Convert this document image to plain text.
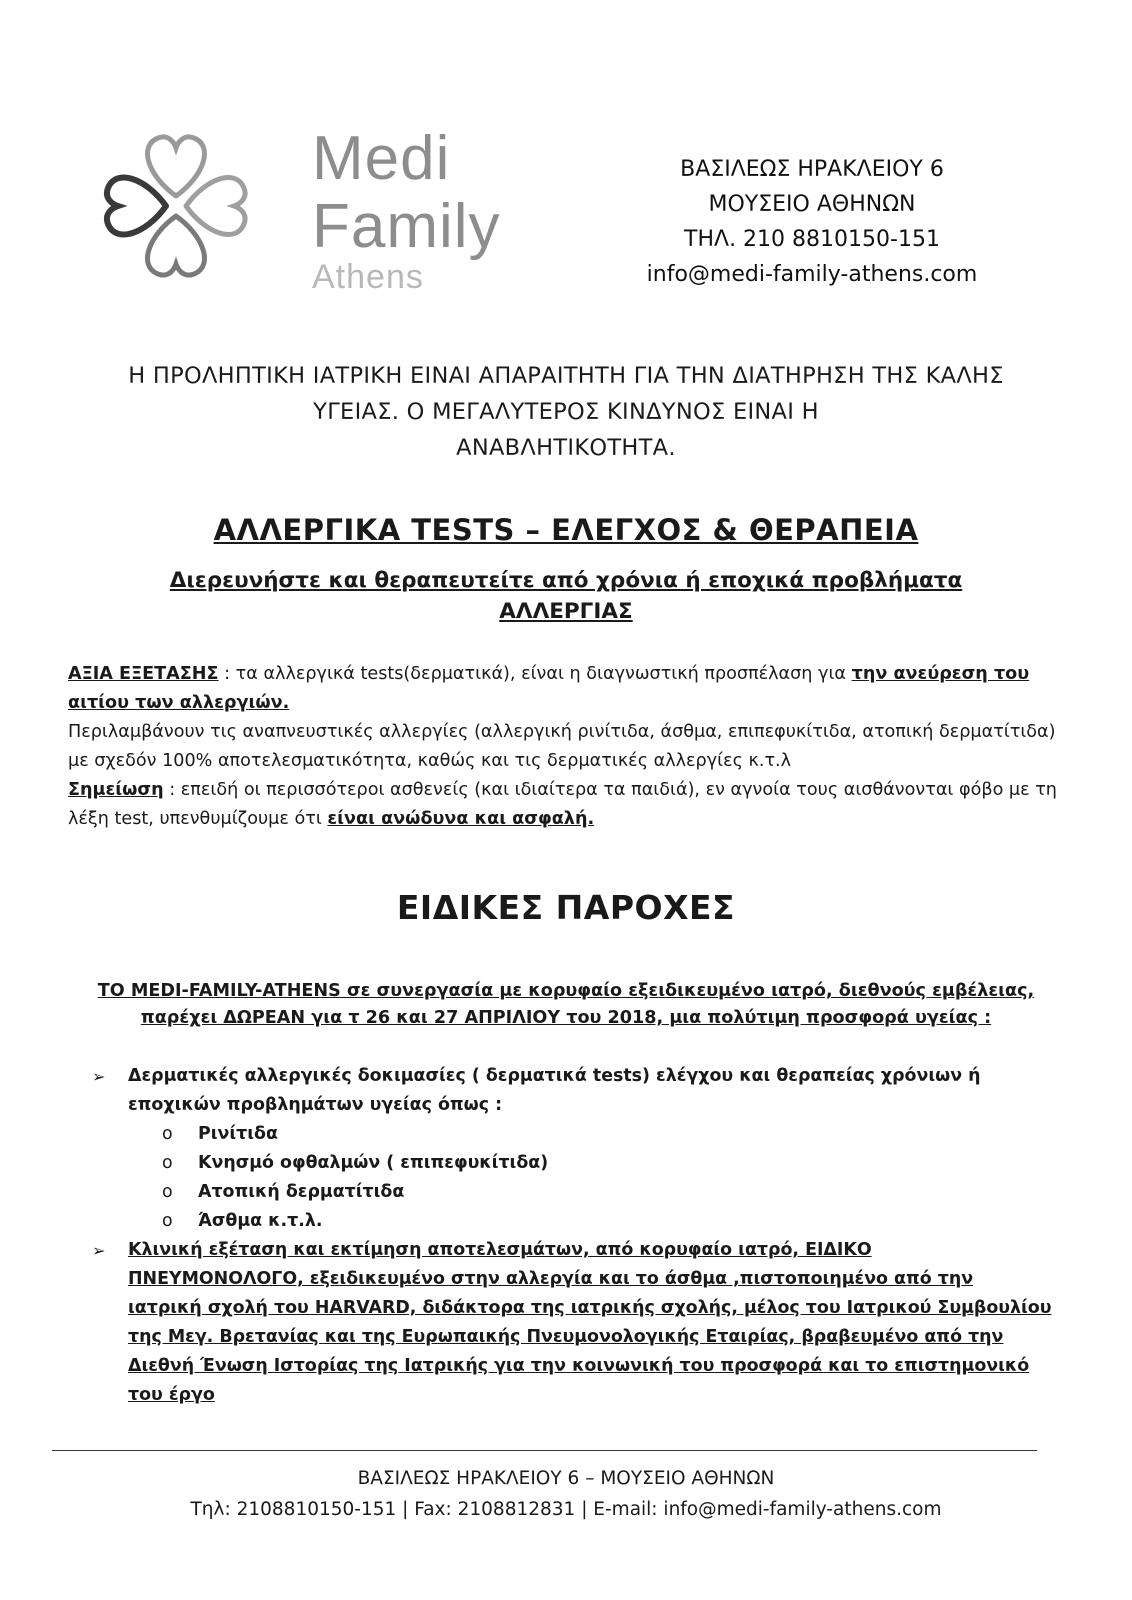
Medi
Family
Athens
ΒΑΣΙΛΕΩΣ ΗΡΑΚΛΕΙΟΥ 6
ΜΟΥΣΕΙΟ ΑΘΗΝΩΝ
ΤΗΛ. 210 8810150-151
info@medi-family-athens.com
Η ΠΡΟΛΗΠΤΙΚΗ ΙΑΤΡΙΚΗ ΕΙΝΑΙ ΑΠΑΡΑΙΤΗΤΗ ΓΙΑ ΤΗΝ ΔΙΑΤΗΡΗΣΗ ΤΗΣ ΚΑΛΗΣ
ΥΓΕΙΑΣ. Ο ΜΕΓΑΛΥΤΕΡΟΣ ΚΙΝΔΥΝΟΣ ΕΙΝΑΙ Η
ΑΝΑΒΛΗΤΙΚΟΤΗΤΑ.
ΑΛΛΕΡΓΙΚΑ TESTS – ΕΛΕΓΧΟΣ & ΘΕΡΑΠΕΙΑ
Διερευνήστε και θεραπευτείτε από χρόνια ή εποχικά προβλήματα
ΑΛΛΕΡΓΙΑΣ

ΑΞΙΑ ΕΞΕΤΑΣΗΣ : τα αλλεργικά tests(δερματικά), είναι η διαγνωστική προσπέλαση για την ανεύρεση του αιτίου των αλλεργιών.

Περιλαμβάνουν τις αναπνευστικές αλλεργίες (αλλεργική ρινίτιδα, άσθμα, επιπεφυκίτιδα, ατοπική δερματίτιδα) με σχεδόν 100% αποτελεσματικότητα, καθώς και τις δερματικές αλλεργίες κ.τ.λ

Σημείωση : επειδή οι περισσότεροι ασθενείς (και ιδιαίτερα τα παιδιά), εν αγνοία τους αισθάνονται φόβο με τη λέξη test, υπενθυμίζουμε ότι είναι ανώδυνα και ασφαλή.

ΕΙΔΙΚΕΣ ΠΑΡΟΧΕΣ
ΤΟ MEDI-FAMILY-ATHENS σε συνεργασία με κορυφαίο εξειδικευμένο ιατρό, διεθνούς εμβέλειας,
παρέχει ΔΩΡΕΑΝ για τ 26 και 27 ΑΠΡΙΛΙΟΥ του 2018, μια πολύτιμη προσφορά υγείας :
➢ Δερματικές αλλεργικές δοκιμασίες ( δερματικά tests) ελέγχου και θεραπείας χρόνιων ή εποχικών προβλημάτων υγείας όπως :
o Ρινίτιδα
o Κνησμό οφθαλμών ( επιπεφυκίτιδα)
o Ατοπική δερματίτιδα
o Άσθμα κ.τ.λ.
➢ Κλινική εξέταση και εκτίμηση αποτελεσμάτων, από κορυφαίο ιατρό, ΕΙΔΙΚΟ ΠΝΕΥΜΟΝΟΛΟΓΟ, εξειδικευμένο στην αλλεργία και το άσθμα ,πιστοποιημένο από την ιατρική σχολή του HARVARD, διδάκτορα της ιατρικής σχολής, μέλος του Ιατρικού Συμβουλίου της Μεγ. Βρετανίας και της Ευρωπαικής Πνευμονολογικής Εταιρίας, βραβευμένο από την Διεθνή Ένωση Ιστορίας της Ιατρικής για την κοινωνική του προσφορά και το επιστημονικό του έργο
ΒΑΣΙΛΕΩΣ ΗΡΑΚΛΕΙΟΥ 6 – ΜΟΥΣΕΙΟ ΑΘΗΝΩΝ
Τηλ: 2108810150-151 | Fax: 2108812831 | E-mail: info@medi-family-athens.com
